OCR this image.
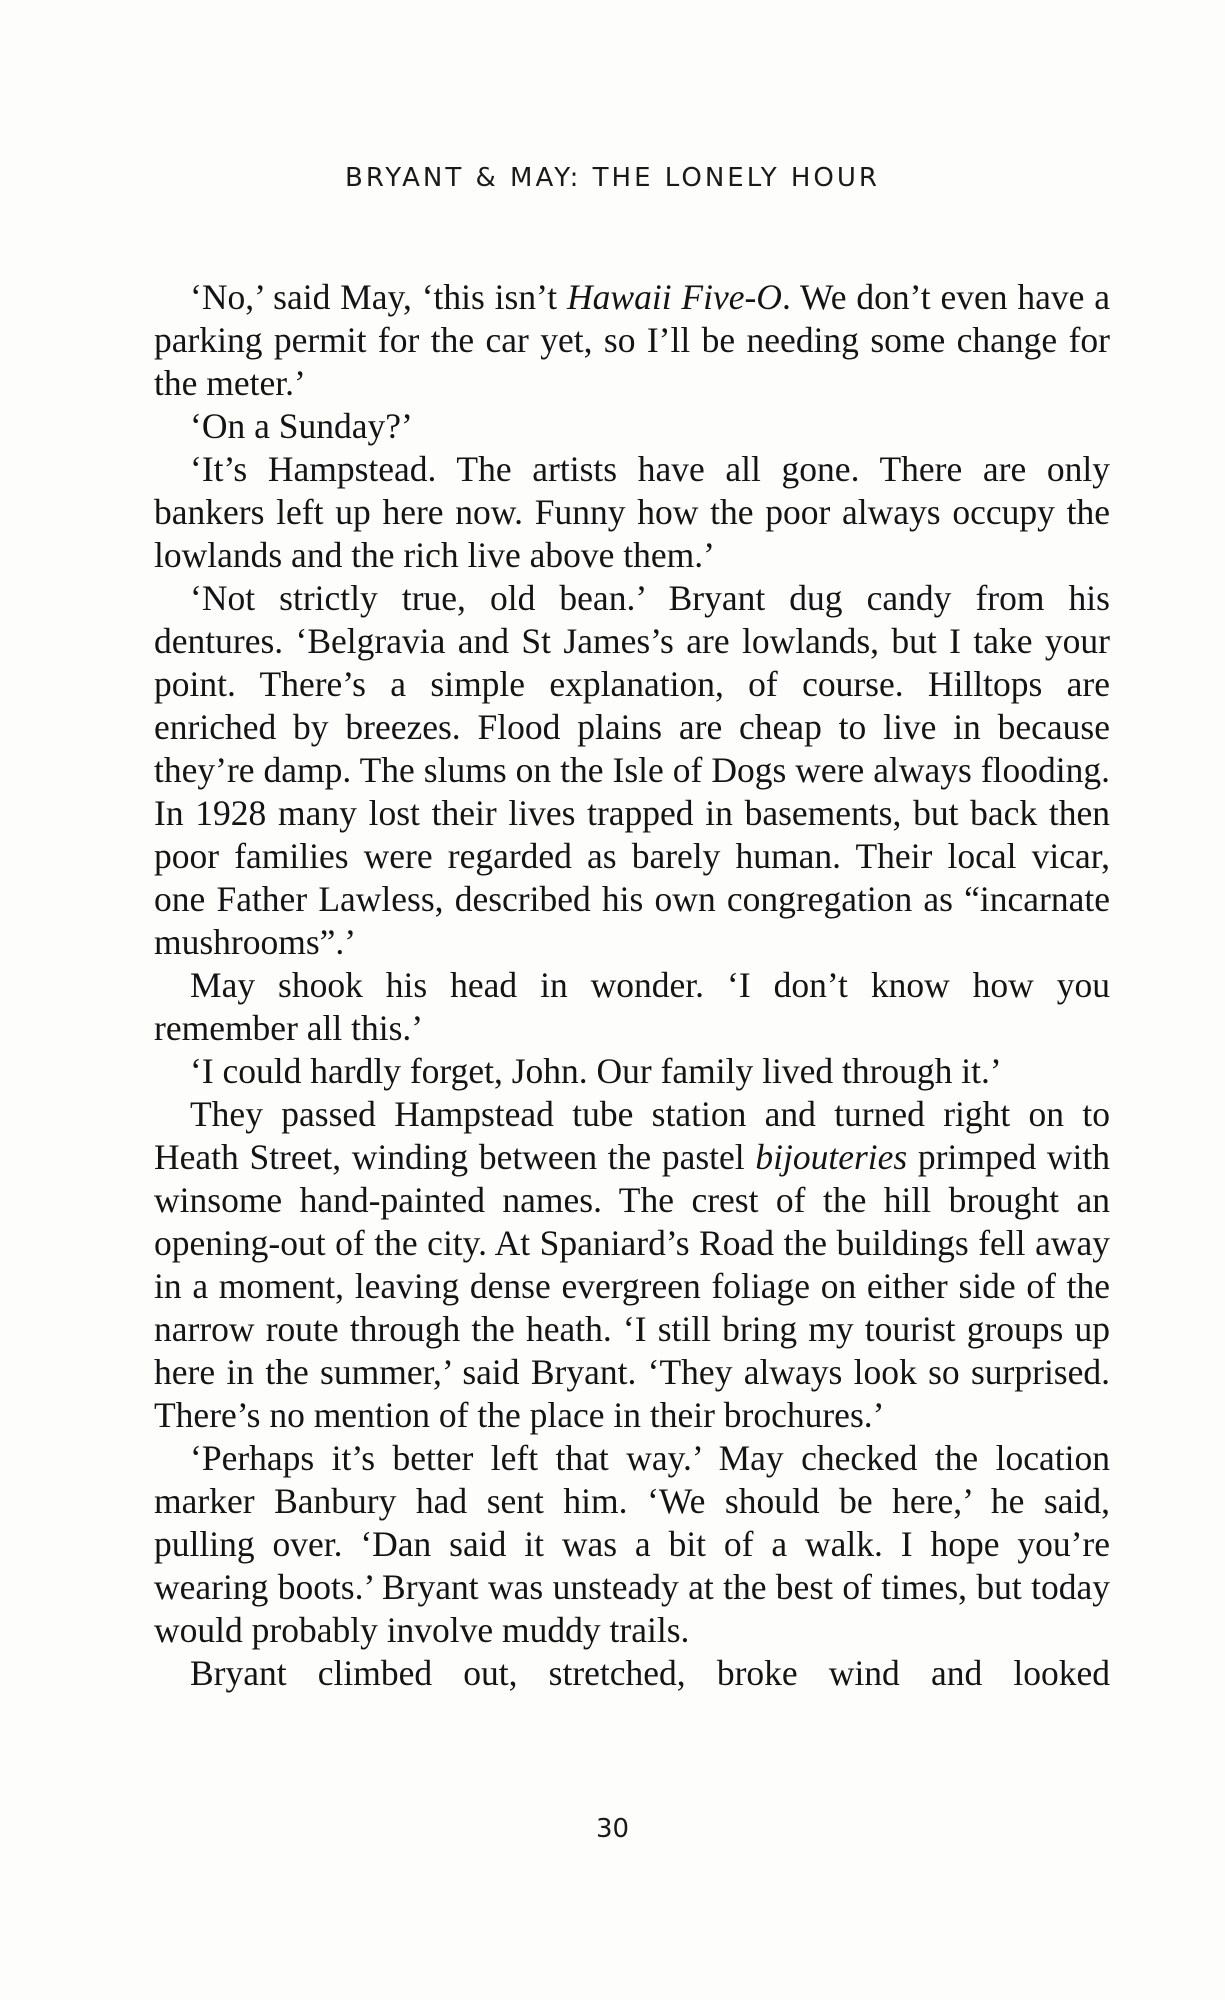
BRYANT & MAY: THE LONELY HOUR

‘No,’ said May, ‘this isn’t Hawaii Five-O. We don’t even have a parking permit for the car yet, so I’ll be needing some change for the meter.’

‘On a Sunday?’

‘It’s Hampstead. The artists have all gone. There are only bankers left up here now. Funny how the poor always occupy the lowlands and the rich live above them.’

‘Not strictly true, old bean.’ Bryant dug candy from his dentures. ‘Belgravia and St James’s are lowlands, but I take your point. There’s a simple explanation, of course. Hilltops are enriched by breezes. Flood plains are cheap to live in because they’re damp. The slums on the Isle of Dogs were always flooding. In 1928 many lost their lives trapped in basements, but back then poor families were regarded as barely human. Their local vicar, one Father Lawless, described his own congregation as “incarnate mushrooms”.’

May shook his head in wonder. ‘I don’t know how you remember all this.’

‘I could hardly forget, John. Our family lived through it.’

They passed Hampstead tube station and turned right on to Heath Street, winding between the pastel bijouteries primped with winsome hand-painted names. The crest of the hill brought an opening-out of the city. At Spaniard’s Road the buildings fell away in a moment, leaving dense evergreen foliage on either side of the narrow route through the heath. ‘I still bring my tourist groups up here in the summer,’ said Bryant. ‘They always look so surprised. There’s no mention of the place in their brochures.’

‘Perhaps it’s better left that way.’ May checked the location marker Banbury had sent him. ‘We should be here,’ he said, pulling over. ‘Dan said it was a bit of a walk. I hope you’re wearing boots.’ Bryant was unsteady at the best of times, but today would probably involve muddy trails.

Bryant climbed out, stretched, broke wind and looked

30
